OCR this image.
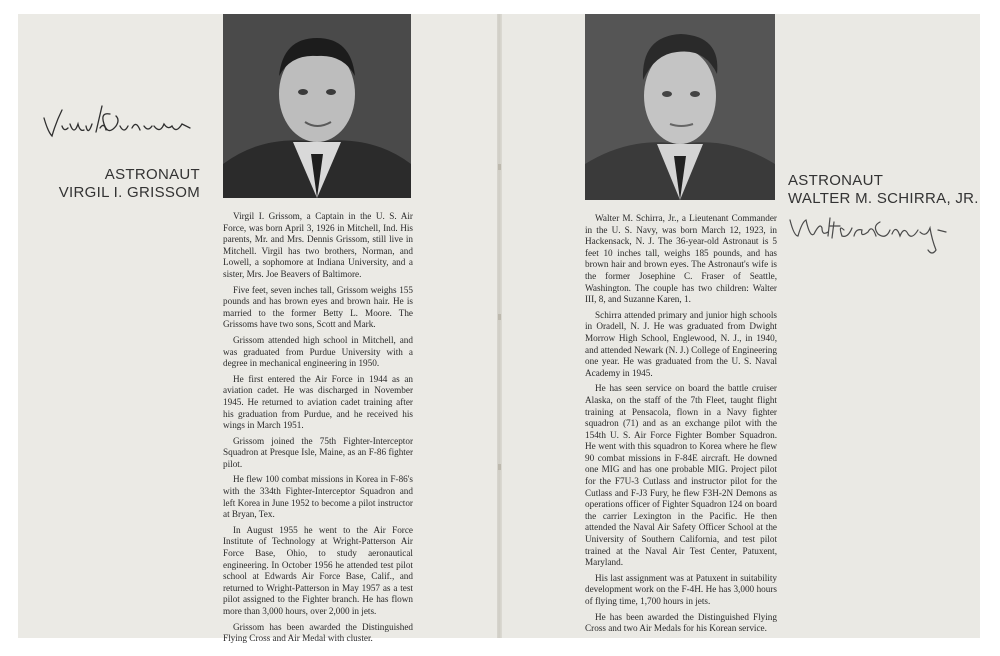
ASTRONAUT
VIRGIL I. GRISSOM
ASTRONAUT
WALTER M. SCHIRRA, JR.

Virgil I. Grissom, a Captain in the U. S. Air Force, was born April 3, 1926 in Mitchell, Ind. His parents, Mr. and Mrs. Dennis Grissom, still live in Mitchell. Virgil has two brothers, Norman, and Lowell, a sophomore at Indiana University, and a sister, Mrs. Joe Beavers of Baltimore.

Five feet, seven inches tall, Grissom weighs 155 pounds and has brown eyes and brown hair. He is married to the former Betty L. Moore. The Grissoms have two sons, Scott and Mark.

Grissom attended high school in Mitchell, and was graduated from Purdue University with a degree in mechanical engineering in 1950.

He first entered the Air Force in 1944 as an aviation cadet. He was discharged in November 1945. He returned to aviation cadet training after his graduation from Purdue, and he received his wings in March 1951.

Grissom joined the 75th Fighter-Interceptor Squadron at Presque Isle, Maine, as an F-86 fighter pilot.

He flew 100 combat missions in Korea in F-86's with the 334th Fighter-Interceptor Squadron and left Korea in June 1952 to become a pilot instructor at Bryan, Tex.

In August 1955 he went to the Air Force Institute of Technology at Wright-Patterson Air Force Base, Ohio, to study aeronautical engineering. In October 1956 he attended test pilot school at Edwards Air Force Base, Calif., and returned to Wright-Patterson in May 1957 as a test pilot assigned to the Fighter branch. He has flown more than 3,000 hours, over 2,000 in jets.

Grissom has been awarded the Distinguished Flying Cross and Air Medal with cluster.

Walter M. Schirra, Jr., a Lieutenant Commander in the U. S. Navy, was born March 12, 1923, in Hackensack, N. J. The 36-year-old Astronaut is 5 feet 10 inches tall, weighs 185 pounds, and has brown hair and brown eyes. The Astronaut's wife is the former Josephine C. Fraser of Seattle, Washington. The couple has two children: Walter III, 8, and Suzanne Karen, 1.

Schirra attended primary and junior high schools in Oradell, N. J. He was graduated from Dwight Morrow High School, Englewood, N. J., in 1940, and attended Newark (N. J.) College of Engineering one year. He was graduated from the U. S. Naval Academy in 1945.

He has seen service on board the battle cruiser Alaska, on the staff of the 7th Fleet, taught flight training at Pensacola, flown in a Navy fighter squadron (71) and as an exchange pilot with the 154th U. S. Air Force Fighter Bomber Squadron. He went with this squadron to Korea where he flew 90 combat missions in F-84E aircraft. He downed one MIG and has one probable MIG. Project pilot for the F7U-3 Cutlass and instructor pilot for the Cutlass and F-J3 Fury, he flew F3H-2N Demons as operations officer of Fighter Squadron 124 on board the carrier Lexington in the Pacific. He then attended the Naval Air Safety Officer School at the University of Southern California, and test pilot trained at the Naval Air Test Center, Patuxent, Maryland.

His last assignment was at Patuxent in suitability development work on the F-4H. He has 3,000 hours of flying time, 1,700 hours in jets.

He has been awarded the Distinguished Flying Cross and two Air Medals for his Korean service.
